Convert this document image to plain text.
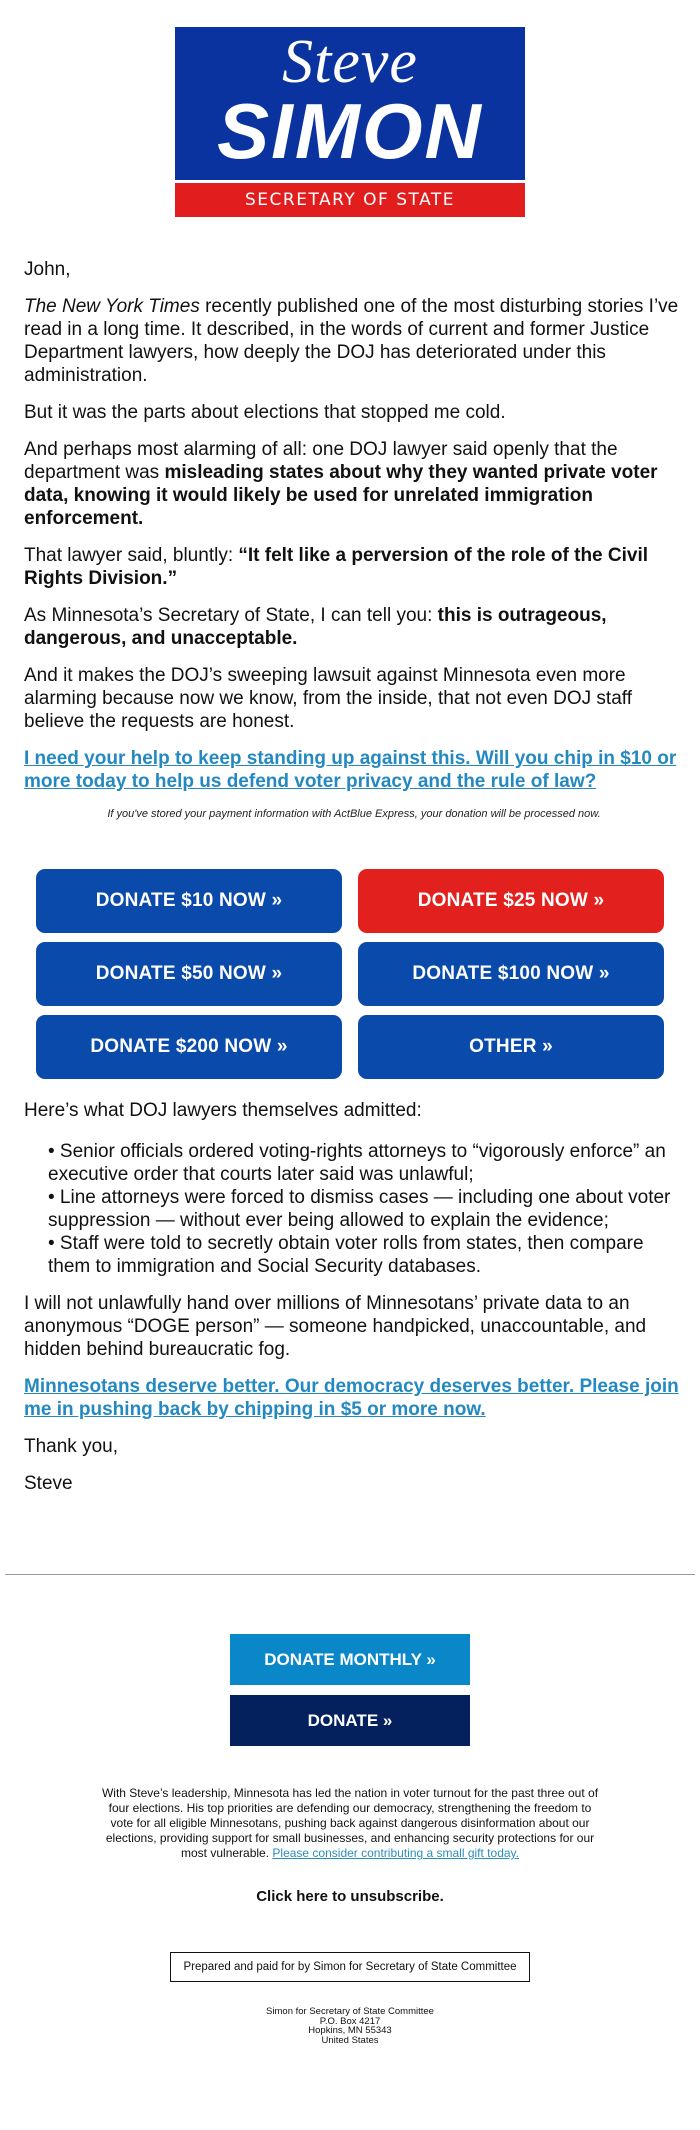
Steve
SIMON
SECRETARY OF STATE

John,

The New York Times recently published one of the most disturbing stories I’ve read in a long time. It described, in the words of current and former Justice Department lawyers, how deeply the DOJ has deteriorated under this administration.

But it was the parts about elections that stopped me cold.

And perhaps most alarming of all: one DOJ lawyer said openly that the department was misleading states about why they wanted private voter data, knowing it would likely be used for unrelated immigration enforcement.

That lawyer said, bluntly: “It felt like a perversion of the role of the Civil Rights Division.”

As Minnesota’s Secretary of State, I can tell you: this is outrageous, dangerous, and unacceptable.

And it makes the DOJ’s sweeping lawsuit against Minnesota even more alarming because now we know, from the inside, that not even DOJ staff believe the requests are honest.

I need your help to keep standing up against this. Will you chip in $10 or more today to help us defend voter privacy and the rule of law?
If you've stored your payment information with ActBlue Express, your donation will be processed now.
DONATE $10 NOW »	DONATE $25 NOW »
DONATE $50 NOW »	DONATE $100 NOW »
DONATE $200 NOW »	OTHER »

Here’s what DOJ lawyers themselves admitted:

• Senior officials ordered voting-rights attorneys to “vigorously enforce” an executive order that courts later said was unlawful;
• Line attorneys were forced to dismiss cases — including one about voter suppression — without ever being allowed to explain the evidence;
• Staff were told to secretly obtain voter rolls from states, then compare them to immigration and Social Security databases.

I will not unlawfully hand over millions of Minnesotans’ private data to an anonymous “DOGE person” — someone handpicked, unaccountable, and hidden behind bureaucratic fog.

Minnesotans deserve better. Our democracy deserves better. Please join me in pushing back by chipping in $5 or more now.

Thank you,

Steve

DONATE MONTHLY »
DONATE »
With Steve’s leadership, Minnesota has led the nation in voter turnout for the past three out of four elections. His top priorities are defending our democracy, strengthening the freedom to vote for all eligible Minnesotans, pushing back against dangerous disinformation about our elections, providing support for small businesses, and enhancing security protections for our most vulnerable. Please consider contributing a small gift today.
Click here to unsubscribe.
Prepared and paid for by Simon for Secretary of State Committee
Simon for Secretary of State Committee
P.O. Box 4217
Hopkins, MN 55343
United States
